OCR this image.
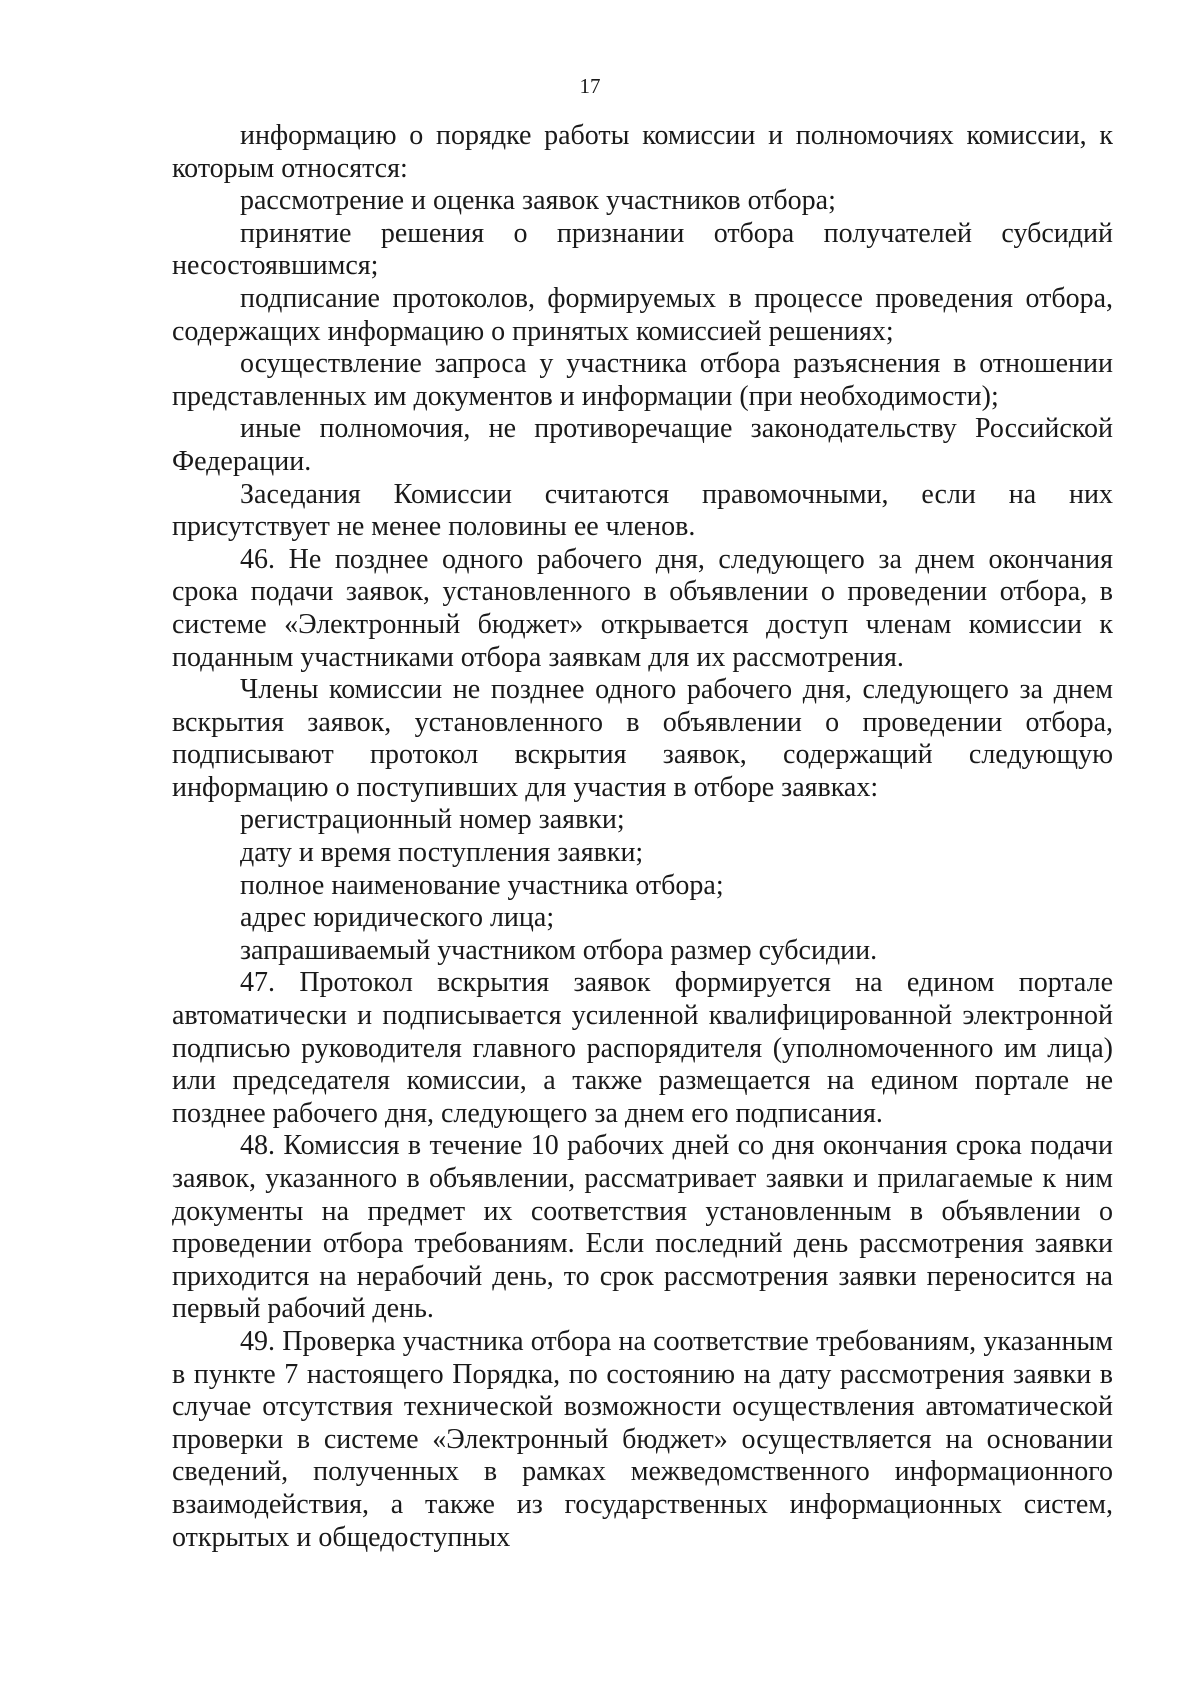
17

информацию о порядке работы комиссии и полномочиях комиссии, к которым относятся:

рассмотрение и оценка заявок участников отбора;

принятие решения о признании отбора получателей субсидий несостоявшимся;

подписание протоколов, формируемых в процессе проведения отбора, содержащих информацию о принятых комиссией решениях;

осуществление запроса у участника отбора разъяснения в отношении представленных им документов и информации (при необходимости);

иные полномочия, не противоречащие законодательству Российской Федерации.

Заседания Комиссии считаются правомочными, если на них присутствует не менее половины ее членов.

46. Не позднее одного рабочего дня, следующего за днем окончания срока подачи заявок, установленного в объявлении о проведении отбора, в системе «Электронный бюджет» открывается доступ членам комиссии к поданным участниками отбора заявкам для их рассмотрения.

Члены комиссии не позднее одного рабочего дня, следующего за днем вскрытия заявок, установленного в объявлении о проведении отбора, подписывают протокол вскрытия заявок, содержащий следующую информацию о поступивших для участия в отборе заявках:

регистрационный номер заявки;

дату и время поступления заявки;

полное наименование участника отбора;

адрес юридического лица;

запрашиваемый участником отбора размер субсидии.

47. Протокол вскрытия заявок формируется на едином портале автоматически и подписывается усиленной квалифицированной электронной подписью руководителя главного распорядителя (уполномоченного им лица) или председателя комиссии, а также размещается на едином портале не позднее рабочего дня, следующего за днем его подписания.

48. Комиссия в течение 10 рабочих дней со дня окончания срока подачи заявок, указанного в объявлении, рассматривает заявки и прилагаемые к ним документы на предмет их соответствия установленным в объявлении о проведении отбора требованиям. Если последний день рассмотрения заявки приходится на нерабочий день, то срок рассмотрения заявки переносится на первый рабочий день.

49. Проверка участника отбора на соответствие требованиям, указанным в пункте 7 настоящего Порядка, по состоянию на дату рассмотрения заявки в случае отсутствия технической возможности осуществления автоматической проверки в системе «Электронный бюджет» осуществляется на основании сведений, полученных в рамках межведомственного информационного взаимодействия, а также из государственных информационных систем, открытых и общедоступных
